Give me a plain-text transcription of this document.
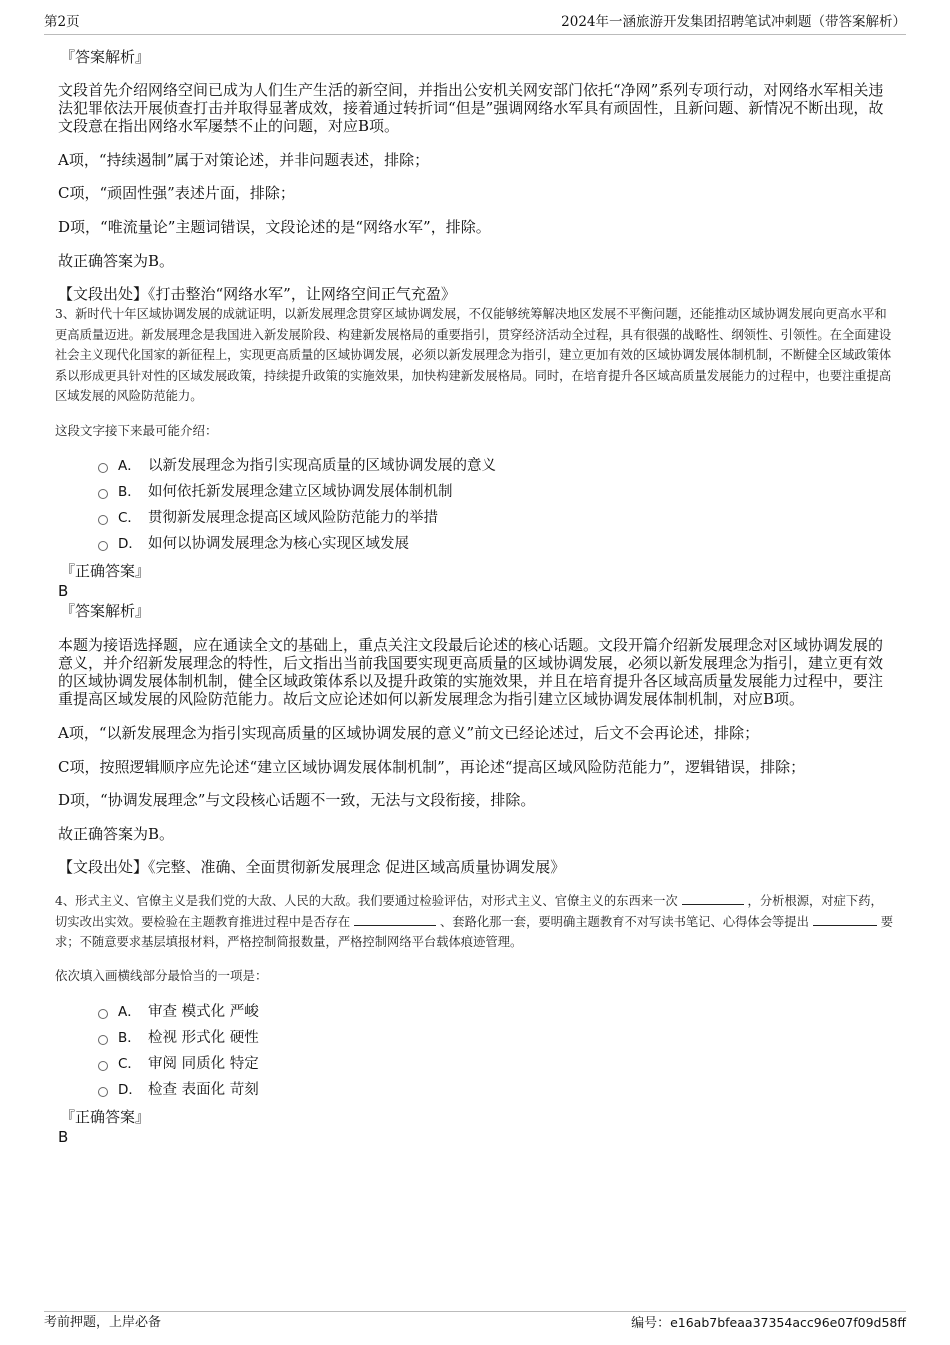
第2页	2024年一涵旅游开发集团招聘笔试冲刺题（带答案解析）
『答案解析』
文段首先介绍网络空间已成为人们生产生活的新空间，并指出公安机关网安部门依托“净网”系列专项行动，对网络水军相关违法犯罪依法开展侦查打击并取得显著成效，接着通过转折词“但是”强调网络水军具有顽固性，且新问题、新情况不断出现，故文段意在指出网络水军屡禁不止的问题，对应B项。
A项，“持续遏制”属于对策论述，并非问题表述，排除；
C项，“顽固性强”表述片面，排除；
D项，“唯流量论”主题词错误，文段论述的是“网络水军”，排除。
故正确答案为B。
【文段出处】《打击整治“网络水军”，让网络空间正气充盈》
3、新时代十年区域协调发展的成就证明，以新发展理念贯穿区域协调发展，不仅能够统筹解决地区发展不平衡问题，还能推动区域协调发展向更高水平和更高质量迈进。新发展理念是我国进入新发展阶段、构建新发展格局的重要指引，贯穿经济活动全过程，具有很强的战略性、纲领性、引领性。在全面建设社会主义现代化国家的新征程上，实现更高质量的区域协调发展，必须以新发展理念为指引，建立更加有效的区域协调发展体制机制，不断健全区域政策体系以形成更具针对性的区域发展政策，持续提升政策的实施效果，加快构建新发展格局。同时，在培育提升各区域高质量发展能力的过程中，也要注重提高区域发展的风险防范能力。
这段文字接下来最可能介绍：
A． 以新发展理念为指引实现高质量的区域协调发展的意义
B． 如何依托新发展理念建立区域协调发展体制机制
C． 贯彻新发展理念提高区域风险防范能力的举措
D． 如何以协调发展理念为核心实现区域发展
『正确答案』
B
『答案解析』
本题为接语选择题，应在通读全文的基础上，重点关注文段最后论述的核心话题。文段开篇介绍新发展理念对区域协调发展的意义，并介绍新发展理念的特性，后文指出当前我国要实现更高质量的区域协调发展，必须以新发展理念为指引，建立更有效的区域协调发展体制机制，健全区域政策体系以及提升政策的实施效果，并且在培育提升各区域高质量发展能力过程中，要注重提高区域发展的风险防范能力。故后文应论述如何以新发展理念为指引建立区域协调发展体制机制，对应B项。
A项，“以新发展理念为指引实现高质量的区域协调发展的意义”前文已经论述过，后文不会再论述，排除；
C项，按照逻辑顺序应先论述“建立区域协调发展体制机制”，再论述“提高区域风险防范能力”，逻辑错误，排除；
D项，“协调发展理念”与文段核心话题不一致，无法与文段衔接，排除。
故正确答案为B。
【文段出处】《完整、准确、全面贯彻新发展理念 促进区域高质量协调发展》
4、形式主义、官僚主义是我们党的大敌、人民的大敌。我们要通过检验评估，对形式主义、官僚主义的东西来一次	，分析根源，对症下药，切实改出实效。要检验在主题教育推进过程中是否存在	、套路化那一套，要明确主题教育不对写读书笔记、心得体会等提出	要求；不随意要求基层填报材料，严格控制简报数量，严格控制网络平台载体痕迹管理。
依次填入画横线部分最恰当的一项是：
A． 审查 模式化 严峻
B． 检视 形式化 硬性
C． 审阅 同质化 特定
D． 检查 表面化 苛刻
『正确答案』
B
考前押题，上岸必备	编号：e16ab7bfeaa37354acc96e07f09d58ff
